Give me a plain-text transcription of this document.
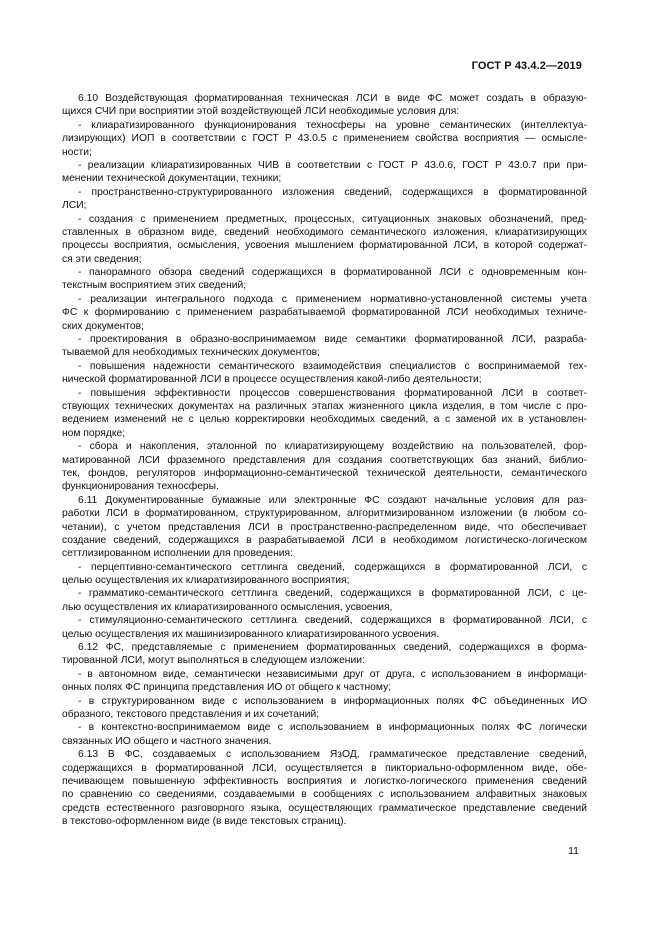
ГОСТ Р 43.4.2—2019
6.10 Воздействующая форматированная техническая ЛСИ в виде ФС может создать в образую-
щихся СЧИ при восприятии этой воздействующей ЛСИ необходимые условия для:
- клиаратизированного функционирования техносферы на уровне семантических (интеллектуа-
лизирующих) ИОП в соответствии с ГОСТ Р 43.0.5 с применением свойства восприятия — осмысле-
ности;
- реализации клиаратизированных ЧИВ в соответствии с ГОСТ Р 43.0.6, ГОСТ Р 43.0.7 при при-
менении технической документации, техники;
- пространственно-структурированного изложения сведений, содержащихся в форматированной
ЛСИ;
- создания с применением предметных, процессных, ситуационных знаковых обозначений, пред-
ставленных в образном виде, сведений необходимого семантического изложения, клиаратизирующих
процессы восприятия, осмысления, усвоения мышлением форматированной ЛСИ, в которой содержат-
ся эти сведения;
- панорамного обзора сведений содержащихся в форматированной ЛСИ с одновременным кон-
текстным восприятием этих сведений;
- реализации интегрального подхода с применением нормативно-установленной системы учета
ФС к формированию с применением разрабатываемой форматированной ЛСИ необходимых техниче-
ских документов;
- проектирования в образно-воспринимаемом виде семантики форматированной ЛСИ, разраба-
тываемой для необходимых технических документов;
- повышения надежности семантического взаимодействия специалистов с воспринимаемой тех-
нической форматированной ЛСИ в процессе осуществления какой-либо деятельности;
- повышения эффективности процессов совершенствования форматированной ЛСИ в соответ-
ствующих технических документах на различных этапах жизненного цикла изделия, в том числе с про-
ведением изменений не с целью корректировки необходимых сведений, а с заменой их в установлен-
ном порядке;
- сбора и накопления, эталонной по клиаратизирующему воздействию на пользователей, фор-
матированной ЛСИ фраземного представления для создания соответствующих баз знаний, библио-
тек, фондов, регуляторов информационно-семантической технической деятельности, семантического
функционирования техносферы.
6.11 Документированные бумажные или электронные ФС создают начальные условия для раз-
работки ЛСИ в форматированном, структурированном, алгоритмизированном изложении (в любом со-
четании), с учетом представления ЛСИ в пространственно-распределенном виде, что обеспечивает
создание сведений, содержащихся в разрабатываемой ЛСИ в необходимом логистическо-логическом
сеттлизированном исполнении для проведения:
- перцептивно-семантического сеттлинга сведений, содержащихся в форматированной ЛСИ, с
целью осуществления их клиаратизированного восприятия;
- грамматико-семантического сеттлинга сведений, содержащихся в форматированной ЛСИ, с це-
лью осуществления их клиаратизированного осмысления, усвоения,
- стимуляционно-семантического сеттлинга сведений, содержащихся в форматированной ЛСИ, с
целью осуществления их машинизированного клиаратизированного усвоения.
6.12 ФС, представляемые с применением форматированных сведений, содержащихся в форма-
тированной ЛСИ, могут выполняться в следующем изложении:
- в автономном виде, семантически независимыми друг от друга, с использованием в информаци-
онных полях ФС принципа представления ИО от общего к частному;
- в структурированном виде с использованием в информационных полях ФС объединенных ИО
образного, текстового представления и их сочетаний;
- в контекстно-воспринимаемом виде с использованием в информационных полях ФС логически
связанных ИО общего и частного значения.
6.13 В ФС, создаваемых с использованием ЯзОД, грамматическое представление сведений,
содержащихся в форматированной ЛСИ, осуществляется в пикториально-оформленном виде, обе-
печивающем повышенную эффективность восприятия и логистко-логического применения сведений
по сравнению со сведениями, создаваемыми в сообщениях с использованием алфавитных знаковых
средств естественного разговорного языка, осуществляющих грамматическое представление сведений
в текстово-оформленном виде (в виде текстовых страниц).
11
